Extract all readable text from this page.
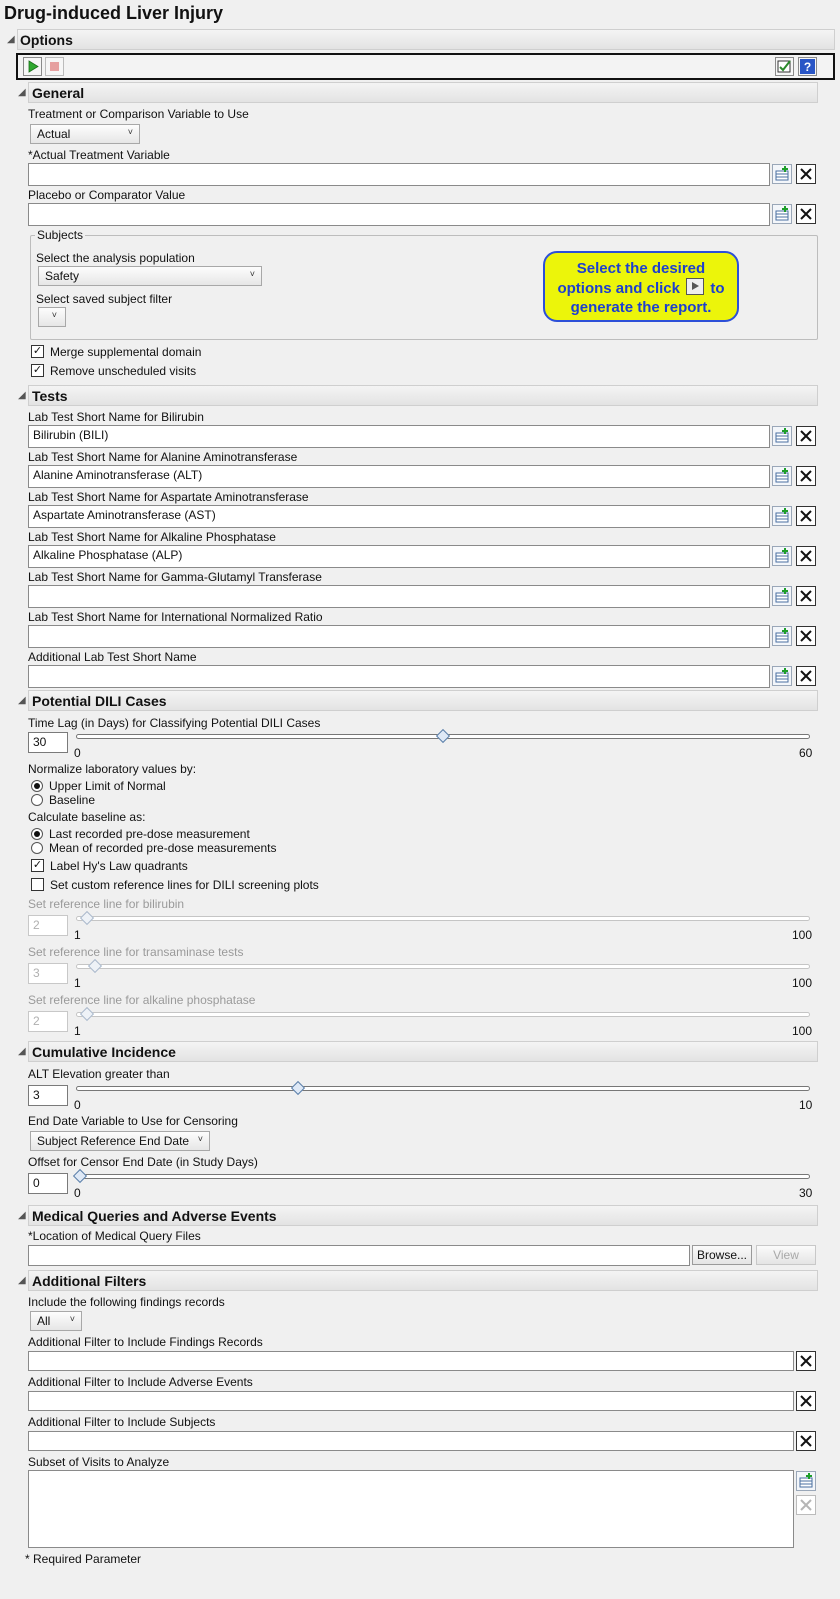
Drug-induced Liver Injury
◢ Options
?
◢ General
Treatment or Comparison Variable to Use
Actual	˅
*Actual Treatment Variable
Placebo or Comparator Value
Subjects
Select the analysis population
Safety	˅
Select saved subject filter
˅
Select the desired
options and click to
generate the report.
✓ Merge supplemental domain
✓ Remove unscheduled visits
◢ Tests
Lab Test Short Name for Bilirubin
Bilirubin (BILI)
Lab Test Short Name for Alanine Aminotransferase
Alanine Aminotransferase (ALT)
Lab Test Short Name for Aspartate Aminotransferase
Aspartate Aminotransferase (AST)
Lab Test Short Name for Alkaline Phosphatase
Alkaline Phosphatase (ALP)
Lab Test Short Name for Gamma-Glutamyl Transferase
Lab Test Short Name for International Normalized Ratio
Additional Lab Test Short Name
◢ Potential DILI Cases
Time Lag (in Days) for Classifying Potential DILI Cases
30
0	60
Normalize laboratory values by:
Upper Limit of Normal
Baseline
Calculate baseline as:
Last recorded pre-dose measurement
Mean of recorded pre-dose measurements
✓ Label Hy's Law quadrants
Set custom reference lines for DILI screening plots
Set reference line for bilirubin
2
1	100
Set reference line for transaminase tests
3
1	100
Set reference line for alkaline phosphatase
2
1	100
◢ Cumulative Incidence
ALT Elevation greater than
3
0	10
End Date Variable to Use for Censoring
Subject Reference End Date ˅
Offset for Censor End Date (in Study Days)
0
0	30
◢ Medical Queries and Adverse Events
*Location of Medical Query Files
Browse...	View
◢ Additional Filters
Include the following findings records
All ˅
Additional Filter to Include Findings Records
Additional Filter to Include Adverse Events
Additional Filter to Include Subjects
Subset of Visits to Analyze
* Required Parameter
